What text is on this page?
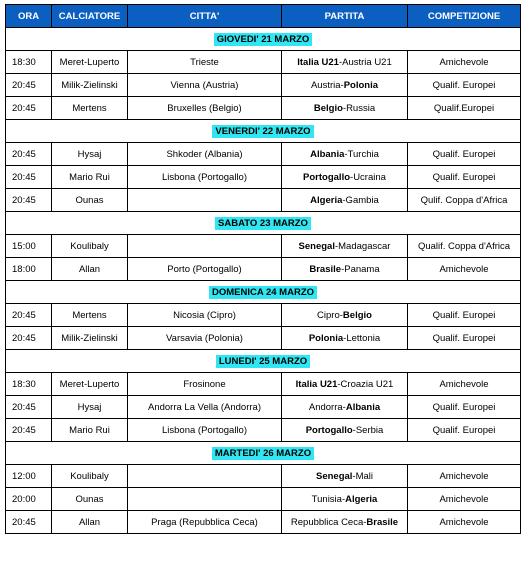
ORA	CALCIATORE	CITTA'	PARTITA	COMPETIZIONE
GIOVEDI' 21 MARZO				
18:30	Meret-Luperto	Trieste	Italia U21-Austria U21	Amichevole
20:45	Milik-Zielinski	Vienna (Austria)	Austria-Polonia	Qualif. Europei
20:45	Mertens	Bruxelles (Belgio)	Belgio-Russia	Qualif.Europei
VENERDI' 22 MARZO				
20:45	Hysaj	Shkoder (Albania)	Albania-Turchia	Qualif. Europei
20:45	Mario Rui	Lisbona (Portogallo)	Portogallo-Ucraina	Qualif. Europei
20:45	Ounas		Algeria-Gambia	Qulif. Coppa d'Africa
SABATO 23 MARZO				
15:00	Koulibaly		Senegal-Madagascar	Qualif. Coppa d'Africa
18:00	Allan	Porto (Portogallo)	Brasile-Panama	Amichevole
DOMENICA 24 MARZO				
20:45	Mertens	Nicosia (Cipro)	Cipro-Belgio	Qualif. Europei
20:45	Milik-Zielinski	Varsavia (Polonia)	Polonia-Lettonia	Qualif. Europei
LUNEDI' 25 MARZO				
18:30	Meret-Luperto	Frosinone	Italia U21-Croazia U21	Amichevole
20:45	Hysaj	Andorra La Vella (Andorra)	Andorra-Albania	Qualif. Europei
20:45	Mario Rui	Lisbona (Portogallo)	Portogallo-Serbia	Qualif. Europei
MARTEDI' 26 MARZO				
12:00	Koulibaly		Senegal-Mali	Amichevole
20:00	Ounas		Tunisia-Algeria	Amichevole
20:45	Allan	Praga (Repubblica Ceca)	Repubblica Ceca-Brasile	Amichevole
